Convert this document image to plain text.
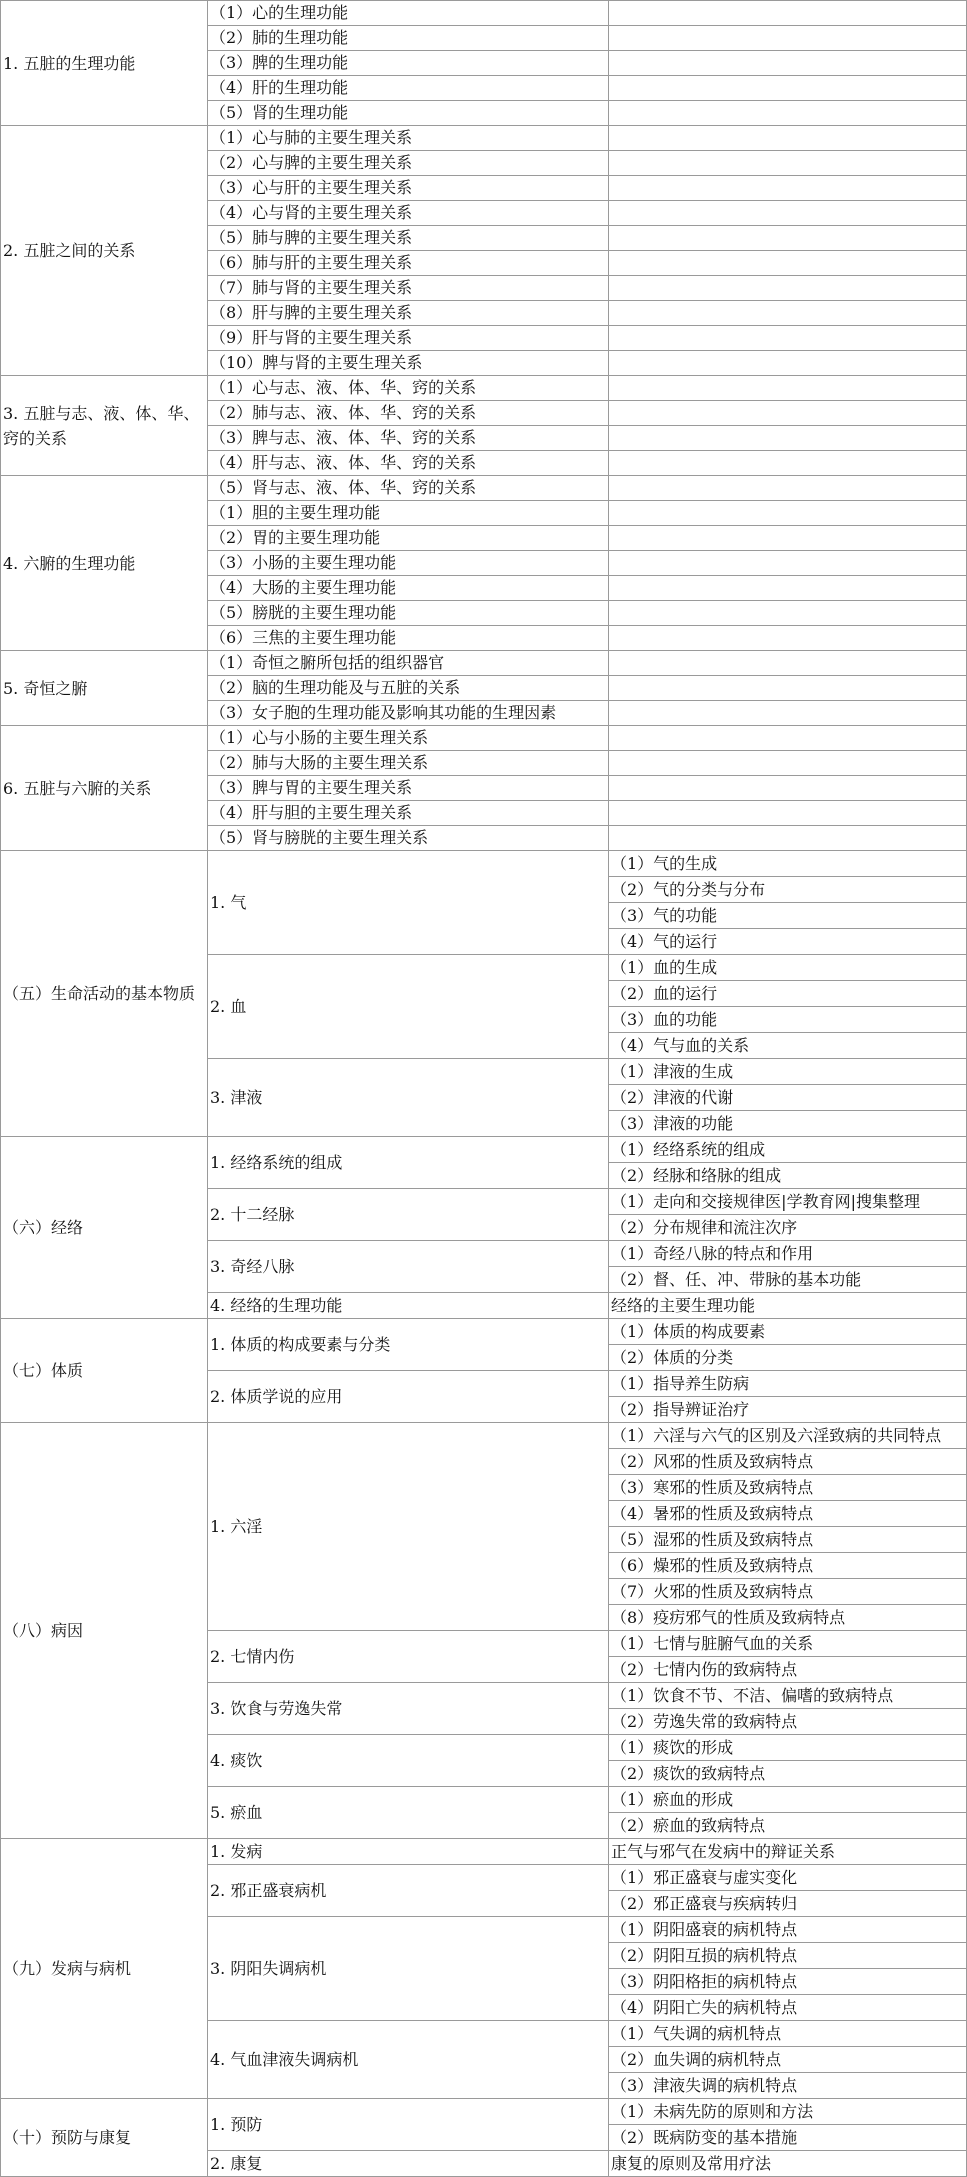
1. 五脏的生理功能	（1）心的生理功能	
	（2）肺的生理功能	
	（3）脾的生理功能	
	（4）肝的生理功能	
	（5）肾的生理功能	
2. 五脏之间的关系	（1）心与肺的主要生理关系	
	（2）心与脾的主要生理关系	
	（3）心与肝的主要生理关系	
	（4）心与肾的主要生理关系	
	（5）肺与脾的主要生理关系	
	（6）肺与肝的主要生理关系	
	（7）肺与肾的主要生理关系	
	（8）肝与脾的主要生理关系	
	（9）肝与肾的主要生理关系	
	（10）脾与肾的主要生理关系	
3. 五脏与志、液、体、华、窍的关系	（1）心与志、液、体、华、窍的关系	
	（2）肺与志、液、体、华、窍的关系	
	（3）脾与志、液、体、华、窍的关系	
	（4）肝与志、液、体、华、窍的关系	
4. 六腑的生理功能	（5）肾与志、液、体、华、窍的关系	
	（1）胆的主要生理功能	
	（2）胃的主要生理功能	
	（3）小肠的主要生理功能	
	（4）大肠的主要生理功能	
	（5）膀胱的主要生理功能	
	（6）三焦的主要生理功能	
5. 奇恒之腑	（1）奇恒之腑所包括的组织器官	
	（2）脑的生理功能及与五脏的关系	
	（3）女子胞的生理功能及影响其功能的生理因素	
6. 五脏与六腑的关系	（1）心与小肠的主要生理关系	
	（2）肺与大肠的主要生理关系	
	（3）脾与胃的主要生理关系	
	（4）肝与胆的主要生理关系	
	（5）肾与膀胱的主要生理关系	
（五）生命活动的基本物质	1. 气	（1）气的生成
		（2）气的分类与分布
		（3）气的功能
		（4）气的运行
	2. 血	（1）血的生成
		（2）血的运行
		（3）血的功能
		（4）气与血的关系
	3. 津液	（1）津液的生成
		（2）津液的代谢
		（3）津液的功能
（六）经络	1. 经络系统的组成	（1）经络系统的组成
		（2）经脉和络脉的组成
	2. 十二经脉	（1）走向和交接规律医|学教育网|搜集整理
		（2）分布规律和流注次序
	3. 奇经八脉	（1）奇经八脉的特点和作用
		（2）督、任、冲、带脉的基本功能
	4. 经络的生理功能	经络的主要生理功能
（七）体质	1. 体质的构成要素与分类	（1）体质的构成要素
		（2）体质的分类
	2. 体质学说的应用	（1）指导养生防病
		（2）指导辨证治疗
（八）病因	1. 六淫	（1）六淫与六气的区别及六淫致病的共同特点
		（2）风邪的性质及致病特点
		（3）寒邪的性质及致病特点
		（4）暑邪的性质及致病特点
		（5）湿邪的性质及致病特点
		（6）燥邪的性质及致病特点
		（7）火邪的性质及致病特点
		（8）疫疠邪气的性质及致病特点
	2. 七情内伤	（1）七情与脏腑气血的关系
		（2）七情内伤的致病特点
	3. 饮食与劳逸失常	（1）饮食不节、不洁、偏嗜的致病特点
		（2）劳逸失常的致病特点
	4. 痰饮	（1）痰饮的形成
		（2）痰饮的致病特点
	5. 瘀血	（1）瘀血的形成
		（2）瘀血的致病特点
（九）发病与病机	1. 发病	正气与邪气在发病中的辩证关系
	2. 邪正盛衰病机	（1）邪正盛衰与虚实变化
		（2）邪正盛衰与疾病转归
	3. 阴阳失调病机	（1）阴阳盛衰的病机特点
		（2）阴阳互损的病机特点
		（3）阴阳格拒的病机特点
		（4）阴阳亡失的病机特点
	4. 气血津液失调病机	（1）气失调的病机特点
		（2）血失调的病机特点
		（3）津液失调的病机特点
（十）预防与康复	1. 预防	（1）未病先防的原则和方法
		（2）既病防变的基本措施
	2. 康复	康复的原则及常用疗法
